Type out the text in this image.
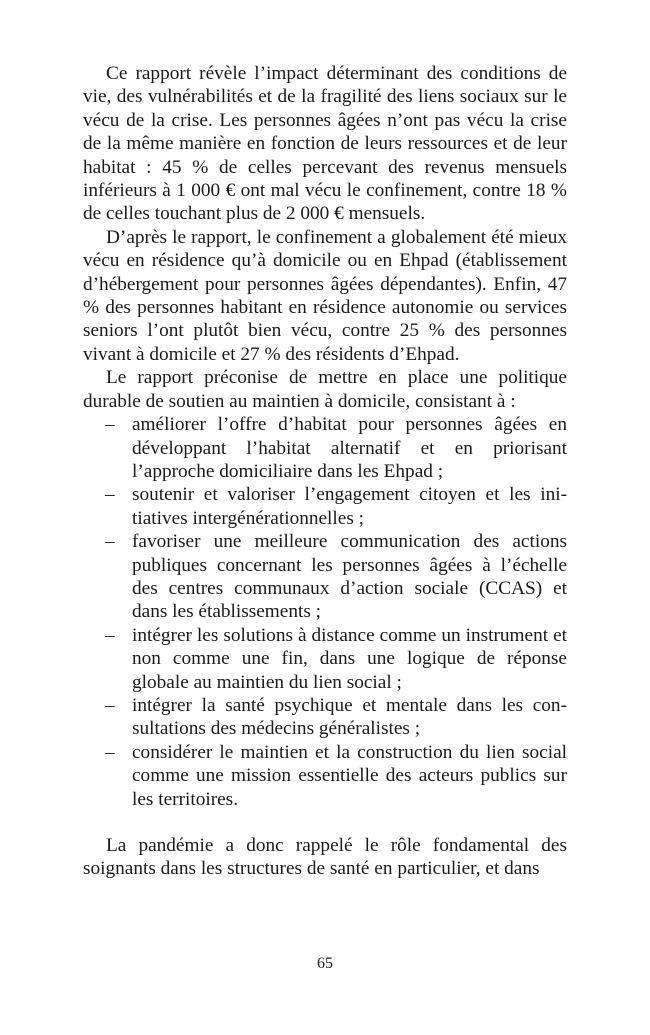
Ce rapport révèle l’impact déterminant des conditions de vie, des vulnérabilités et de la fragilité des liens sociaux sur le vécu de la crise. Les personnes âgées n’ont pas vécu la crise de la même manière en fonction de leurs ressources et de leur habitat : 45 % de celles percevant des revenus mensuels inférieurs à 1 000 € ont mal vécu le confinement, contre 18 % de celles touchant plus de 2 000 € mensuels.

D’après le rapport, le confinement a globalement été mieux vécu en résidence qu’à domicile ou en Ehpad (établissement d’hébergement pour personnes âgées dépendantes). Enfin, 47 % des personnes habitant en résidence autonomie ou services seniors l’ont plutôt bien vécu, contre 25 % des personnes vivant à domicile et 27 % des résidents d’Ehpad.

Le rapport préconise de mettre en place une politique durable de soutien au maintien à domicile, consistant à :

– améliorer l’offre d’habitat pour personnes âgées en développant l’habitat alternatif et en priorisant l’approche domiciliaire dans les Ehpad ;
– soutenir et valoriser l’engagement citoyen et les initiatives intergénérationnelles ;
– favoriser une meilleure communication des actions publiques concernant les personnes âgées à l’échelle des centres communaux d’action sociale (CCAS) et dans les établissements ;
– intégrer les solutions à distance comme un instrument et non comme une fin, dans une logique de réponse globale au maintien du lien social ;
– intégrer la santé psychique et mentale dans les consultations des médecins généralistes ;
– considérer le maintien et la construction du lien social comme une mission essentielle des acteurs publics sur les territoires.

La pandémie a donc rappelé le rôle fondamental des soignants dans les structures de santé en particulier, et dans

65
